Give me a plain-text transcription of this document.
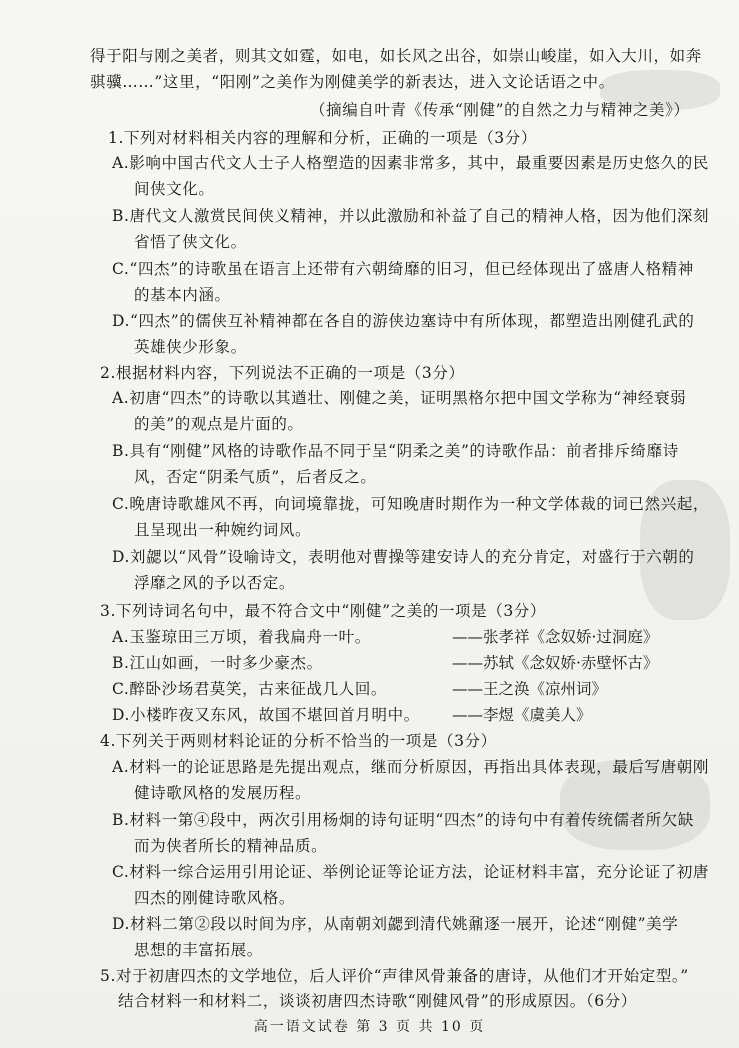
得于阳与刚之美者，则其文如霆，如电，如长风之出谷，如崇山峻崖，如入大川，如奔
骐骥……”这里，“阳刚”之美作为刚健美学的新表达，进入文论话语之中。
（摘编自叶青《传承“刚健”的自然之力与精神之美》）
1.下列对材料相关内容的理解和分析，正确的一项是（3分）
A.影响中国古代文人士子人格塑造的因素非常多，其中，最重要因素是历史悠久的民
间侠文化。
B.唐代文人激赏民间侠义精神，并以此激励和补益了自己的精神人格，因为他们深刻
省悟了侠文化。
C.“四杰”的诗歌虽在语言上还带有六朝绮靡的旧习，但已经体现出了盛唐人格精神
的基本内涵。
D.“四杰”的儒侠互补精神都在各自的游侠边塞诗中有所体现，都塑造出刚健孔武的
英雄侠少形象。
2.根据材料内容，下列说法不正确的一项是（3分）
A.初唐“四杰”的诗歌以其遒壮、刚健之美，证明黑格尔把中国文学称为“神经衰弱
的美”的观点是片面的。
B.具有“刚健”风格的诗歌作品不同于呈“阴柔之美”的诗歌作品：前者排斥绮靡诗
风，否定“阴柔气质”，后者反之。
C.晚唐诗歌雄风不再，向词境靠拢，可知晚唐时期作为一种文学体裁的词已然兴起，
且呈现出一种婉约词风。
D.刘勰以“风骨”设喻诗文，表明他对曹操等建安诗人的充分肯定，对盛行于六朝的
浮靡之风的予以否定。
3.下列诗词名句中，最不符合文中“刚健”之美的一项是（3分）
A.玉鉴琼田三万顷，着我扁舟一叶。	——张孝祥《念奴娇·过洞庭》
B.江山如画，一时多少豪杰。	——苏轼《念奴娇·赤壁怀古》
C.醉卧沙场君莫笑，古来征战几人回。	——王之涣《凉州词》
D.小楼昨夜又东风，故国不堪回首月明中。 ——李煜《虞美人》
4.下列关于两则材料论证的分析不恰当的一项是（3分）
A.材料一的论证思路是先提出观点，继而分析原因，再指出具体表现，最后写唐朝刚
健诗歌风格的发展历程。
B.材料一第④段中，两次引用杨炯的诗句证明“四杰”的诗句中有着传统儒者所欠缺
而为侠者所长的精神品质。
C.材料一综合运用引用论证、举例论证等论证方法，论证材料丰富，充分论证了初唐
四杰的刚健诗歌风格。
D.材料二第②段以时间为序，从南朝刘勰到清代姚鼐逐一展开，论述“刚健”美学
思想的丰富拓展。
5.对于初唐四杰的文学地位，后人评价“声律风骨兼备的唐诗，从他们才开始定型。”
高一语文试卷 第 3 页 共 10 页
结合材料一和材料二，谈谈初唐四杰诗歌“刚健风骨”的形成原因。（6分）
